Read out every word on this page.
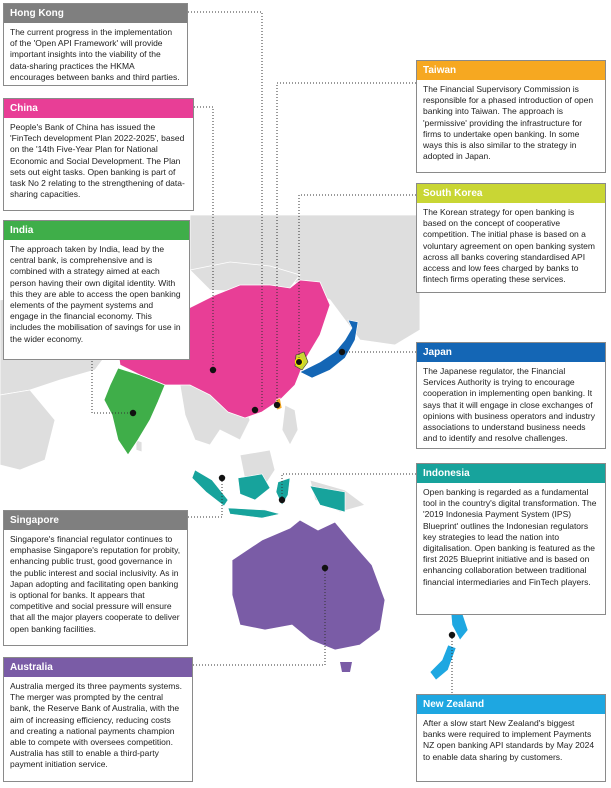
Hong Kong
The current progress in the implementation of the 'Open API Framework' will provide important insights into the viability of the data-sharing practices the HKMA encourages between banks and third parties.
China
People's Bank of China has issued the 'FinTech development Plan 2022-2025', based on the '14th Five-Year Plan for National Economic and Social Development. The Plan sets out eight tasks. Open banking is part of task No 2 relating to the strengthening of data-sharing capacities.
India
The approach taken by India, lead by the central bank, is comprehensive and is combined with a strategy aimed at each person having their own digital identity. With this they are able to access the open banking elements of the payment systems and engage in the financial economy. This includes the mobilisation of savings for use in the wider economy.
Singapore
Singapore's financial regulator continues to emphasise Singapore's reputation for probity, enhancing public trust, good governance in the public interest and social inclusivity. As in Japan adopting and facilitating open banking is optional for banks. It appears that competitive and social pressure will ensure that all the major players cooperate to deliver open banking facilities.
Australia
Australia merged its three payments systems. The merger was prompted by the central bank, the Reserve Bank of Australia, with the aim of increasing efficiency, reducing costs and creating a national payments champion able to compete with oversees competition. Australia has still to enable a third-party payment initiation service.
Taiwan
The Financial Supervisory Commission is responsible for a phased introduction of open banking into Taiwan. The approach is 'permissive' providing the infrastructure for firms to undertake open banking. In some ways this is also similar to the strategy in adopted in Japan.
South Korea
The Korean strategy for open banking is based on the concept of cooperative competition. The initial phase is based on a voluntary agreement on open banking system across all banks covering standardised API access and low fees charged by banks to fintech firms operating these services.
Japan
The Japanese regulator, the Financial Services Authority is trying to encourage cooperation in implementing open banking. It says that it will engage in close exchanges of opinions with business operators and industry associations to understand business needs and to identify and resolve challenges.
Indonesia
Open banking is regarded as a fundamental tool in the country's digital transformation. The '2019 Indonesia Payment System (IPS) Blueprint' outlines the Indonesian regulators key strategies to lead the nation into digitalisation. Open banking is featured as the first 2025 Blueprint initiative and is based on enhancing collaboration between traditional financial intermediaries and FinTech players.
New Zealand
After a slow start New Zealand's biggest banks were required to implement Payments NZ open banking API standards by May 2024 to enable data sharing by customers.
